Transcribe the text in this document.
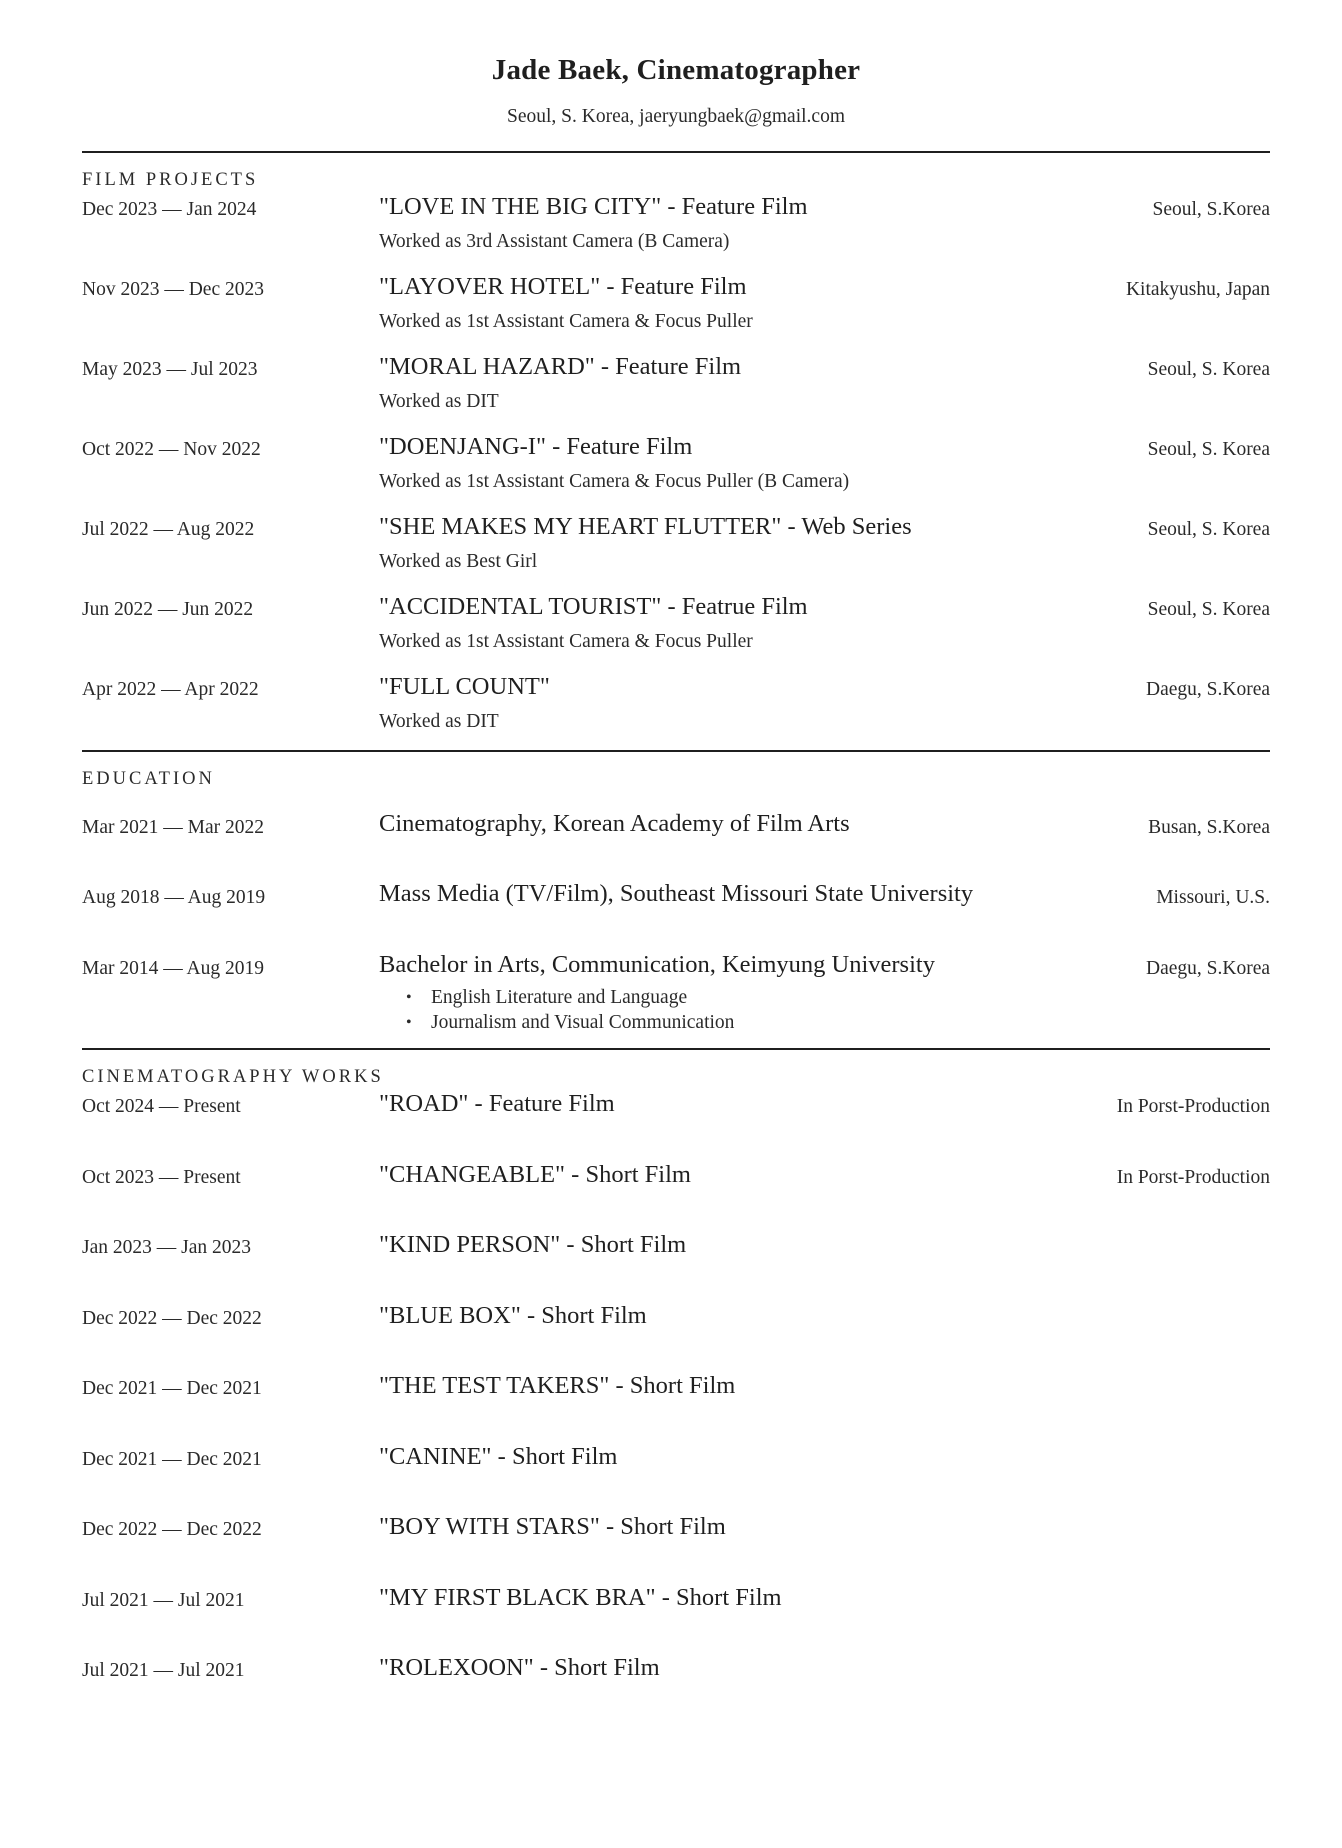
Jade Baek, Cinematographer
Seoul, S. Korea, jaeryungbaek@gmail.com
FILM PROJECTS
Dec 2023 — Jan 2024	"LOVE IN THE BIG CITY" - Feature Film	Seoul, S.Korea
Worked as 3rd Assistant Camera (B Camera)
Nov 2023 — Dec 2023	"LAYOVER HOTEL" - Feature Film	Kitakyushu, Japan
Worked as 1st Assistant Camera & Focus Puller
May 2023 — Jul 2023	"MORAL HAZARD" - Feature Film	Seoul, S. Korea
Worked as DIT
Oct 2022 — Nov 2022	"DOENJANG-I" - Feature Film	Seoul, S. Korea
Worked as 1st Assistant Camera & Focus Puller (B Camera)
Jul 2022 — Aug 2022	"SHE MAKES MY HEART FLUTTER" - Web Series	Seoul, S. Korea
Worked as Best Girl
Jun 2022 — Jun 2022	"ACCIDENTAL TOURIST" - Featrue Film	Seoul, S. Korea
Worked as 1st Assistant Camera & Focus Puller
Apr 2022 — Apr 2022	"FULL COUNT"	Daegu, S.Korea
Worked as DIT
EDUCATION
Mar 2021 — Mar 2022	Cinematography, Korean Academy of Film Arts	Busan, S.Korea
Aug 2018 — Aug 2019	Mass Media (TV/Film), Southeast Missouri State University	Missouri, U.S.
Mar 2014 — Aug 2019	Bachelor in Arts, Communication, Keimyung University	Daegu, S.Korea
• English Literature and Language
• Journalism and Visual Communication
CINEMATOGRAPHY WORKS
Oct 2024 — Present	"ROAD" - Feature Film	In Porst-Production
Oct 2023 — Present	"CHANGEABLE" - Short Film	In Porst-Production
Jan 2023 — Jan 2023	"KIND PERSON" - Short Film
Dec 2022 — Dec 2022	"BLUE BOX" - Short Film
Dec 2021 — Dec 2021	"THE TEST TAKERS" - Short Film
Dec 2021 — Dec 2021	"CANINE" - Short Film
Dec 2022 — Dec 2022	"BOY WITH STARS" - Short Film
Jul 2021 — Jul 2021	"MY FIRST BLACK BRA" - Short Film
Jul 2021 — Jul 2021	"ROLEXOON" - Short Film
